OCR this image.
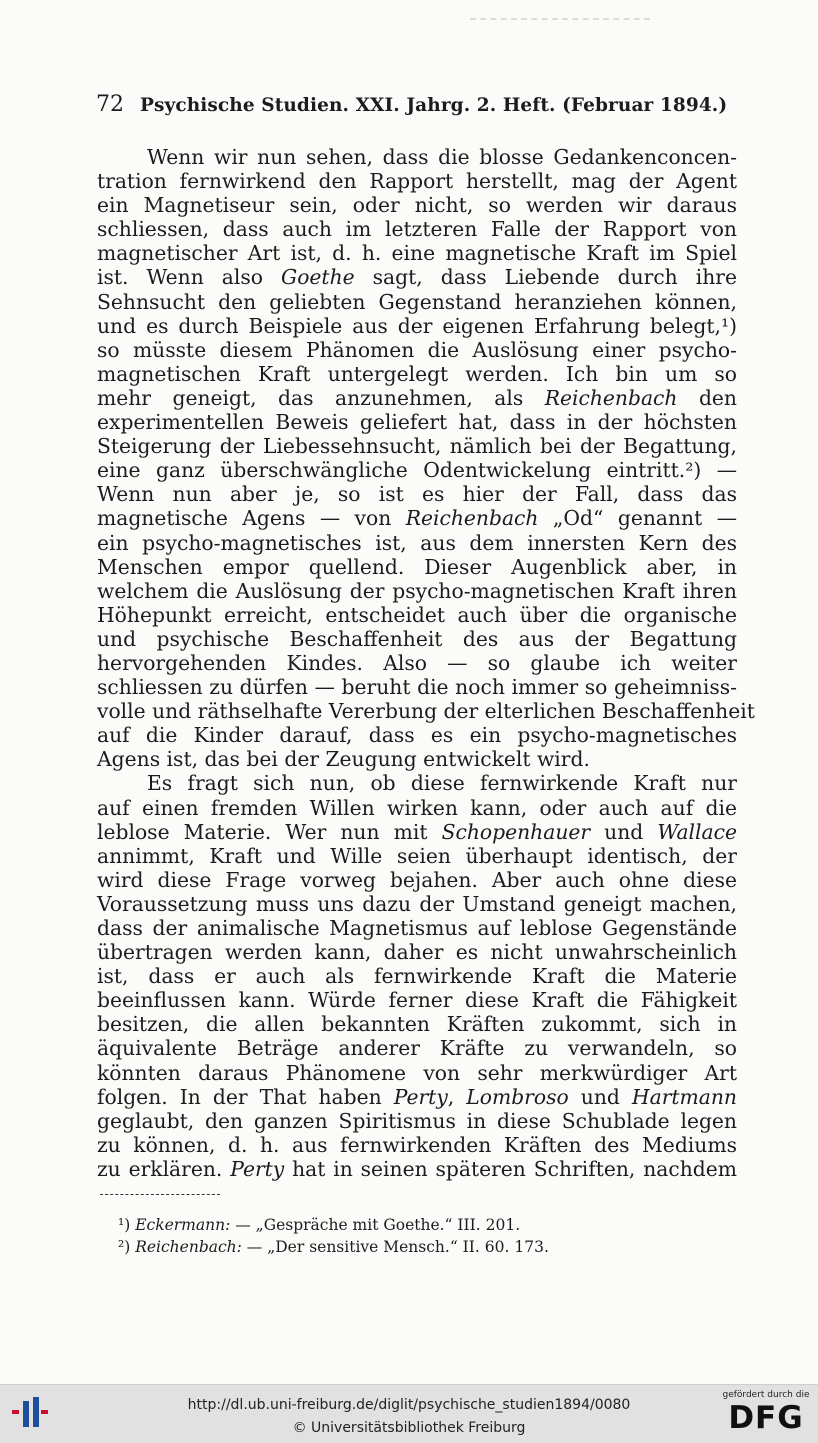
72 Psychische Studien. XXI. Jahrg. 2. Heft. (Februar 1894.)
Wenn wir nun sehen, dass die blosse Gedankenconcen-
tration fernwirkend den Rapport herstellt, mag der Agent
ein Magnetiseur sein, oder nicht, so werden wir daraus
schliessen, dass auch im letzteren Falle der Rapport von
magnetischer Art ist, d. h. eine magnetische Kraft im Spiel
ist. Wenn also Goethe sagt, dass Liebende durch ihre
Sehnsucht den geliebten Gegenstand heranziehen können,
und es durch Beispiele aus der eigenen Erfahrung belegt,¹)
so müsste diesem Phänomen die Auslösung einer psycho-
magnetischen Kraft untergelegt werden. Ich bin um so
mehr geneigt, das anzunehmen, als Reichenbach den
experimentellen Beweis geliefert hat, dass in der höchsten
Steigerung der Liebessehnsucht, nämlich bei der Begattung,
eine ganz überschwängliche Odentwickelung eintritt.²) —
Wenn nun aber je, so ist es hier der Fall, dass das
magnetische Agens — von Reichenbach „Od“ genannt —
ein psycho-magnetisches ist, aus dem innersten Kern des
Menschen empor quellend. Dieser Augenblick aber, in
welchem die Auslösung der psycho-magnetischen Kraft ihren
Höhepunkt erreicht, entscheidet auch über die organische
und psychische Beschaffenheit des aus der Begattung
hervorgehenden Kindes. Also — so glaube ich weiter
schliessen zu dürfen — beruht die noch immer so geheimniss-
volle und räthselhafte Vererbung der elterlichen Beschaffenheit
auf die Kinder darauf, dass es ein psycho-magnetisches
Agens ist, das bei der Zeugung entwickelt wird.
Es fragt sich nun, ob diese fernwirkende Kraft nur
auf einen fremden Willen wirken kann, oder auch auf die
leblose Materie. Wer nun mit Schopenhauer und Wallace
annimmt, Kraft und Wille seien überhaupt identisch, der
wird diese Frage vorweg bejahen. Aber auch ohne diese
Voraussetzung muss uns dazu der Umstand geneigt machen,
dass der animalische Magnetismus auf leblose Gegenstände
übertragen werden kann, daher es nicht unwahrscheinlich
ist, dass er auch als fernwirkende Kraft die Materie
beeinflussen kann. Würde ferner diese Kraft die Fähigkeit
besitzen, die allen bekannten Kräften zukommt, sich in
äquivalente Beträge anderer Kräfte zu verwandeln, so
könnten daraus Phänomene von sehr merkwürdiger Art
folgen. In der That haben Perty, Lombroso und Hartmann
geglaubt, den ganzen Spiritismus in diese Schublade legen
zu können, d. h. aus fernwirkenden Kräften des Mediums
zu erklären. Perty hat in seinen späteren Schriften, nachdem
¹) Eckermann: — „Gespräche mit Goethe.“ III. 201.
²) Reichenbach: — „Der sensitive Mensch.“ II. 60. 173.
http://dl.ub.uni-freiburg.de/diglit/psychische_studien1894/0080
© Universitätsbibliothek Freiburg
gefördert durch die
DFG
